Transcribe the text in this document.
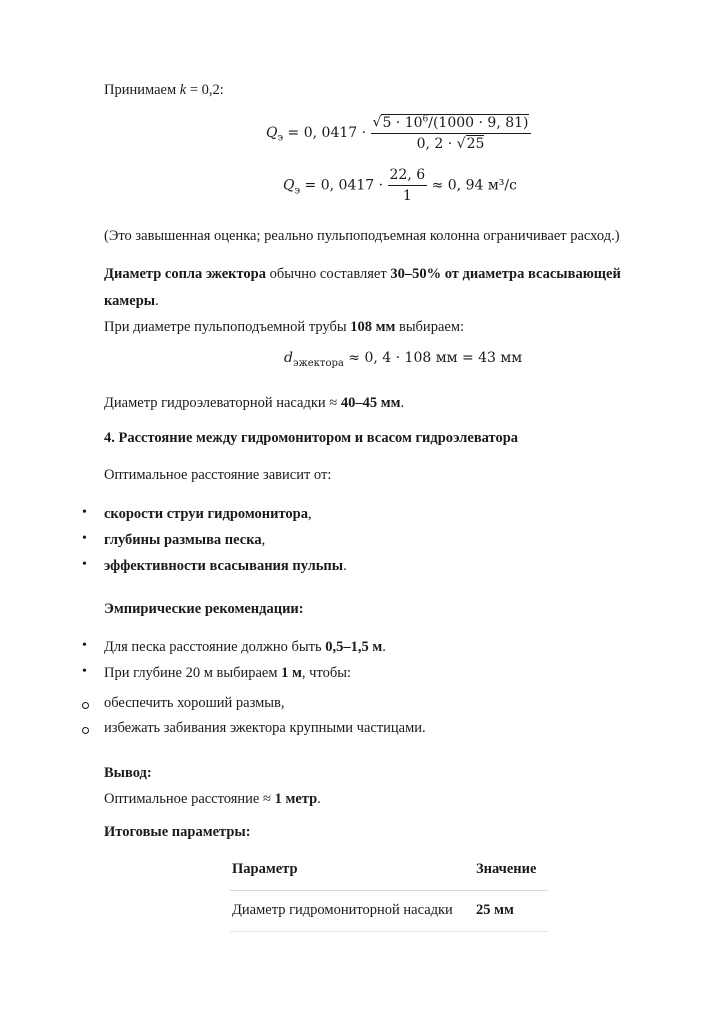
Принимаем k = 0,2:
$Q_э = 0$, $0417 \cdot \frac{√5 \cdot 10^6/(1000 \cdot 9, 81)}{0, 2 \cdot √25}$
$Q_э = 0$, $0417 \cdot \frac{22, 6}{1} \approx 0$, 94 м³/с
(Это завышенная оценка; реально пульпоподъемная колонна ограничивает расход.)
Диаметр сопла эжектора обычно составляет 30–50% от диаметра всасывающей
камеры.
При диаметре пульпоподъемной трубы 108 мм выбираем:
$d_{эжектора} \approx 0$, 4 · 108 мм = 43 мм
Диаметр гидроэлеваторной насадки ≈ 40–45 мм.
4. Расстояние между гидромонитором и всасом гидроэлеватора
Оптимальное расстояние зависит от:
• скорости струи гидромонитора,
• глубины размыва песка,
• эффективности всасывания пульпы.
Эмпирические рекомендации:
• Для песка расстояние должно быть 0,5–1,5 м.
• При глубине 20 м выбираем 1 м, чтобы:
обеспечить хороший размыв,
избежать забивания эжектора крупными частицами.
Вывод:
Оптимальное расстояние ≈ 1 метр.
Итоговые параметры:
Параметр	Значение
Диаметр гидромониторной насадки	25 мм
